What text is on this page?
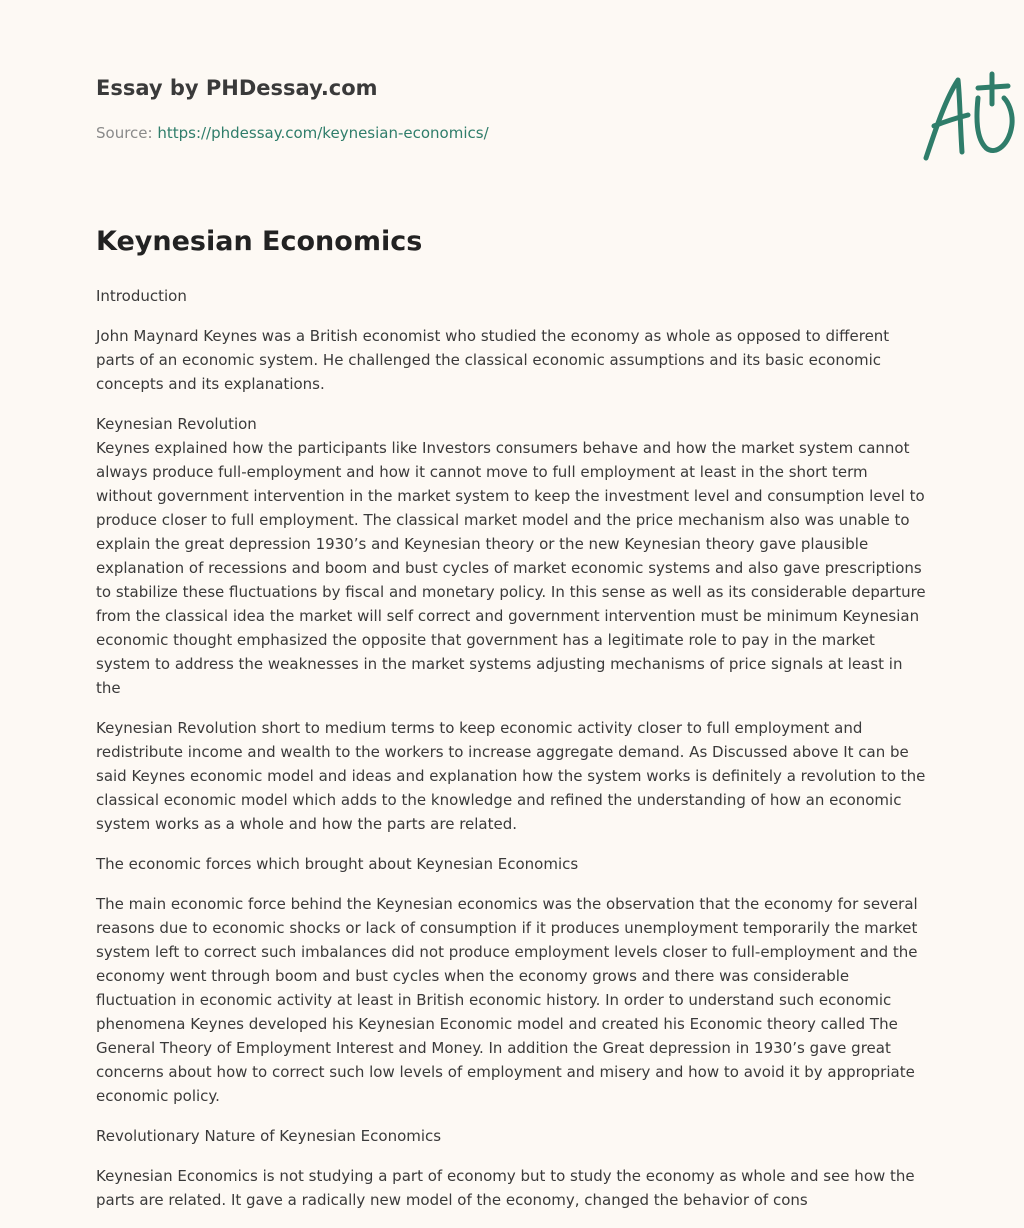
Essay by PHDessay.com
Source: https://phdessay.com/keynesian-economics/
Keynesian Economics

Introduction

John Maynard Keynes was a British economist who studied the economy as whole as opposed to different parts of an economic system. He challenged the classical economic assumptions and its basic economic concepts and its explanations.

Keynesian Revolution
Keynes explained how the participants like Investors consumers behave and how the market system cannot always produce full-employment and how it cannot move to full employment at least in the short term without government intervention in the market system to keep the investment level and consumption level to produce closer to full employment. The classical market model and the price mechanism also was unable to explain the great depression 1930’s and Keynesian theory or the new Keynesian theory gave plausible explanation of recessions and boom and bust cycles of market economic systems and also gave prescriptions to stabilize these fluctuations by fiscal and monetary policy. In this sense as well as its considerable departure from the classical idea the market will self correct and government intervention must be minimum Keynesian economic thought emphasized the opposite that government has a legitimate role to pay in the market system to address the weaknesses in the market systems adjusting mechanisms of price signals at least in the

Keynesian Revolution short to medium terms to keep economic activity closer to full employment and redistribute income and wealth to the workers to increase aggregate demand. As Discussed above It can be said Keynes economic model and ideas and explanation how the system works is definitely a revolution to the classical economic model which adds to the knowledge and refined the understanding of how an economic system works as a whole and how the parts are related.

The economic forces which brought about Keynesian Economics

The main economic force behind the Keynesian economics was the observation that the economy for several reasons due to economic shocks or lack of consumption if it produces unemployment temporarily the market system left to correct such imbalances did not produce employment levels closer to full-employment and the economy went through boom and bust cycles when the economy grows and there was considerable fluctuation in economic activity at least in British economic history. In order to understand such economic phenomena Keynes developed his Keynesian Economic model and created his Economic theory called The General Theory of Employment Interest and Money. In addition the Great depression in 1930’s gave great concerns about how to correct such low levels of employment and misery and how to avoid it by appropriate economic policy.

Revolutionary Nature of Keynesian Economics

Keynesian Economics is not studying a part of economy but to study the economy as whole and see how the parts are related. It gave a radically new model of the economy, changed the behavior of cons
